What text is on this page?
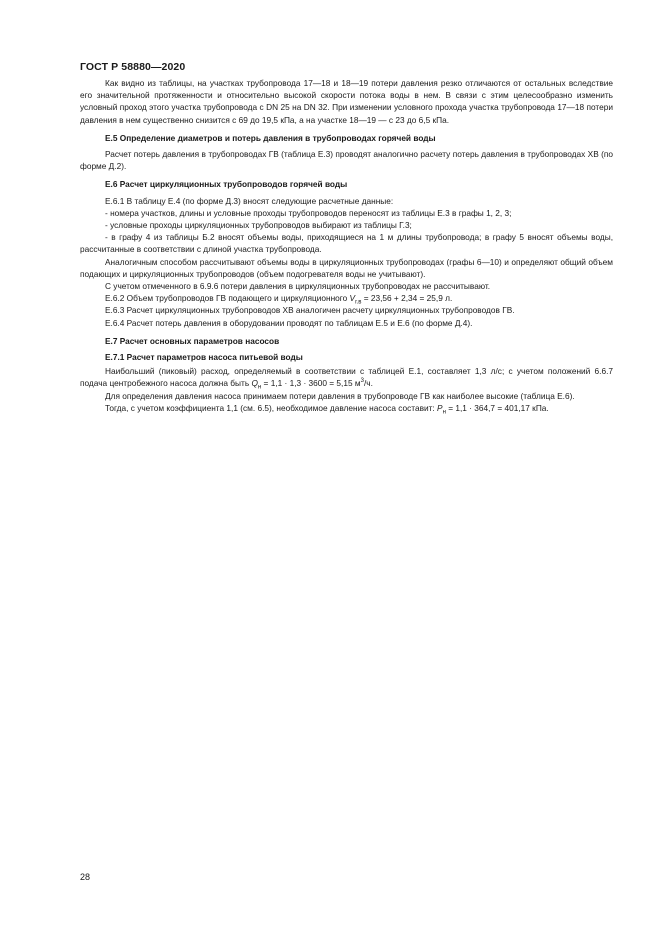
ГОСТ Р 58880—2020

Как видно из таблицы, на участках трубопровода 17—18 и 18—19 потери давления резко отличаются от остальных вследствие его значительной протяженности и относительно высокой скорости потока воды в нем. В связи с этим целесообразно изменить условный проход этого участка трубопровода с DN 25 на DN 32. При изменении условного прохода участка трубопровода 17—18 потери давления в нем существенно снизится с 69 до 19,5 кПа, а на участке 18—19 — с 23 до 6,5 кПа.

Е.5 Определение диаметров и потерь давления в трубопроводах горячей воды

Расчет потерь давления в трубопроводах ГВ (таблица Е.3) проводят аналогично расчету потерь давления в трубопроводах ХВ (по форме Д.2).

Е.6 Расчет циркуляционных трубопроводов горячей воды

Е.6.1 В таблицу Е.4 (по форме Д.3) вносят следующие расчетные данные:

- номера участков, длины и условные проходы трубопроводов переносят из таблицы Е.3 в графы 1, 2, 3;

- условные проходы циркуляционных трубопроводов выбирают из таблицы Г.3;

- в графу 4 из таблицы Б.2 вносят объемы воды, приходящиеся на 1 м длины трубопровода; в графу 5 вносят объемы воды, рассчитанные в соответствии с длиной участка трубопровода.

Аналогичным способом рассчитывают объемы воды в циркуляционных трубопроводах (графы 6—10) и определяют общий объем подающих и циркуляционных трубопроводов (объем подогревателя воды не учитывают).

С учетом отмеченного в 6.9.6 потери давления в циркуляционных трубопроводах не рассчитывают.

Е.6.2 Объем трубопроводов ГВ подающего и циркуляционного $V_{г.в} = 23,56 + 2,34 = 25,9$ л.

Е.6.3 Расчет циркуляционных трубопроводов ХВ аналогичен расчету циркуляционных трубопроводов ГВ.

Е.6.4 Расчет потерь давления в оборудовании проводят по таблицам Е.5 и Е.6 (по форме Д.4).

Е.7 Расчет основных параметров насосов
Е.7.1 Расчет параметров насоса питьевой воды

Наибольший (пиковый) расход, определяемый в соответствии с таблицей Е.1, составляет 1,3 л/с; с учетом положений 6.6.7 подача центробежного насоса должна быть $Q_н = 1,1 \cdot 1,3 \cdot 3600 = 5,15$ $м^3/ч$.

Для определения давления насоса принимаем потери давления в трубопроводе ГВ как наиболее высокие (таблица Е.6).

Тогда, с учетом коэффициента 1,1 (см. 6.5), необходимое давление насоса составит: $P_н = 1,1 \cdot 364,7 = 401,17$ кПа.

28
